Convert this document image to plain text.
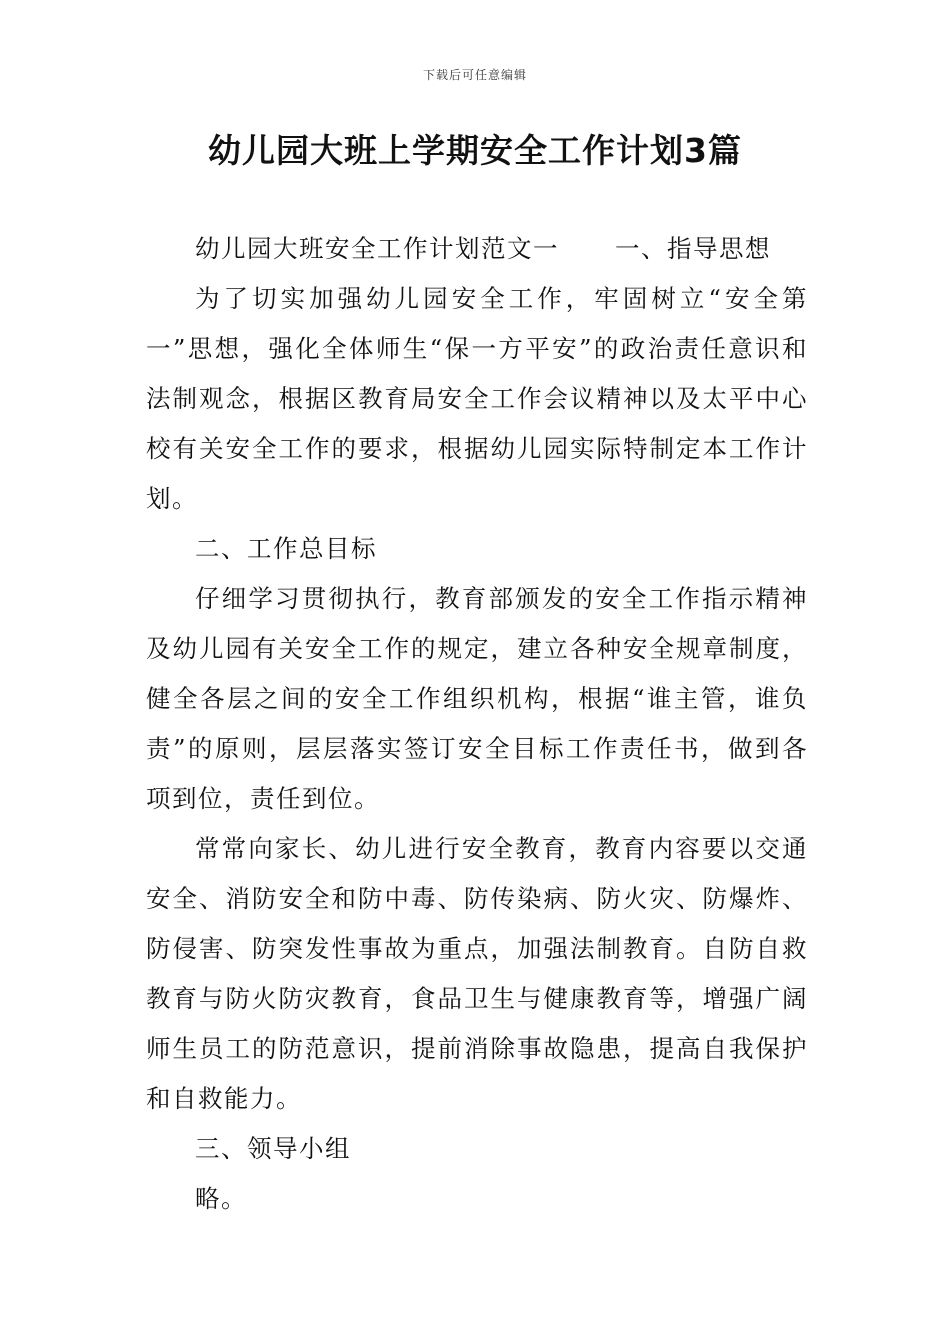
下载后可任意编辑
幼儿园大班上学期安全工作计划3篇

幼儿园大班安全工作计划范文一 一、指导思想

为了切实加强幼儿园安全工作，牢固树立“安全第一”思想，强化全体师生“保一方平安”的政治责任意识和法制观念，根据区教育局安全工作会议精神以及太平中心校有关安全工作的要求，根据幼儿园实际特制定本工作计划。

二、工作总目标

仔细学习贯彻执行，教育部颁发的安全工作指示精神及幼儿园有关安全工作的规定，建立各种安全规章制度，健全各层之间的安全工作组织机构，根据“谁主管，谁负责”的原则，层层落实签订安全目标工作责任书，做到各项到位，责任到位。

常常向家长、幼儿进行安全教育，教育内容要以交通安全、消防安全和防中毒、防传染病、防火灾、防爆炸、防侵害、防突发性事故为重点，加强法制教育。自防自救教育与防火防灾教育，食品卫生与健康教育等，增强广阔师生员工的防范意识，提前消除事故隐患，提高自我保护和自救能力。

三、领导小组

略。
